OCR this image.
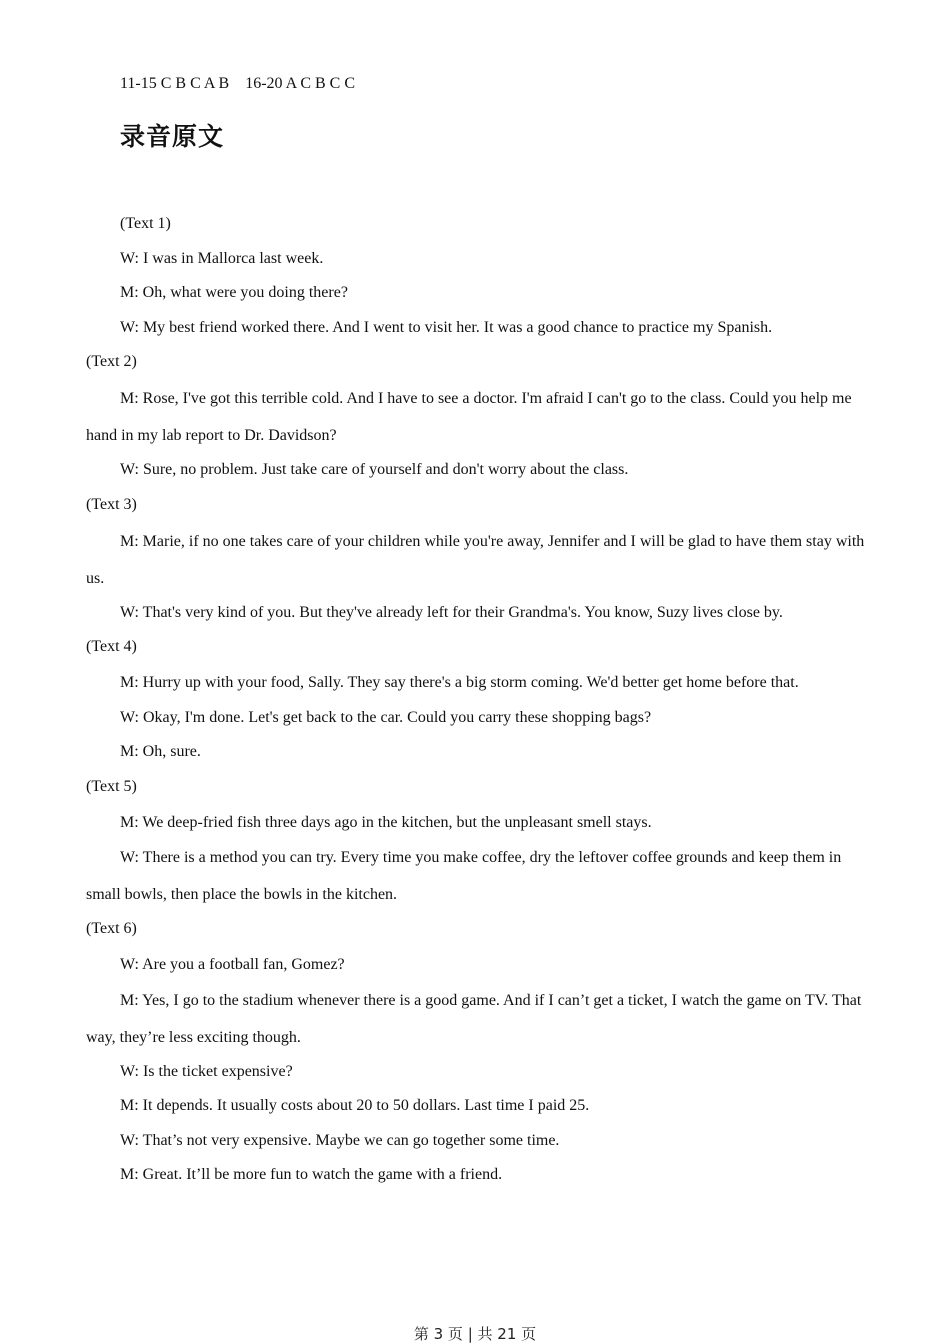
11-15 C B C A B    16-20 A C B C C
录音原文

(Text 1)

W: I was in Mallorca last week.

M: Oh, what were you doing there?

W: My best friend worked there. And I went to visit her. It was a good chance to practice my Spanish.

(Text 2)

M: Rose, I've got this terrible cold. And I have to see a doctor. I'm afraid I can't go to the class. Could you help me hand in my lab report to Dr. Davidson?

W: Sure, no problem. Just take care of yourself and don't worry about the class.

(Text 3)

M: Marie, if no one takes care of your children while you're away, Jennifer and I will be glad to have them stay with us.

W: That's very kind of you. But they've already left for their Grandma's. You know, Suzy lives close by.

(Text 4)

M: Hurry up with your food, Sally. They say there's a big storm coming. We'd better get home before that.

W: Okay, I'm done. Let's get back to the car. Could you carry these shopping bags?

M: Oh, sure.

(Text 5)

M: We deep-fried fish three days ago in the kitchen, but the unpleasant smell stays.

W: There is a method you can try. Every time you make coffee, dry the leftover coffee grounds and keep them in small bowls, then place the bowls in the kitchen.

(Text 6)

W: Are you a football fan, Gomez?

M: Yes, I go to the stadium whenever there is a good game. And if I can’t get a ticket, I watch the game on TV. That way, they’re less exciting though.

W: Is the ticket expensive?

M: It depends. It usually costs about 20 to 50 dollars. Last time I paid 25.

W: That’s not very expensive. Maybe we can go together some time.

M: Great. It’ll be more fun to watch the game with a friend.

第 3 页 | 共 21 页
